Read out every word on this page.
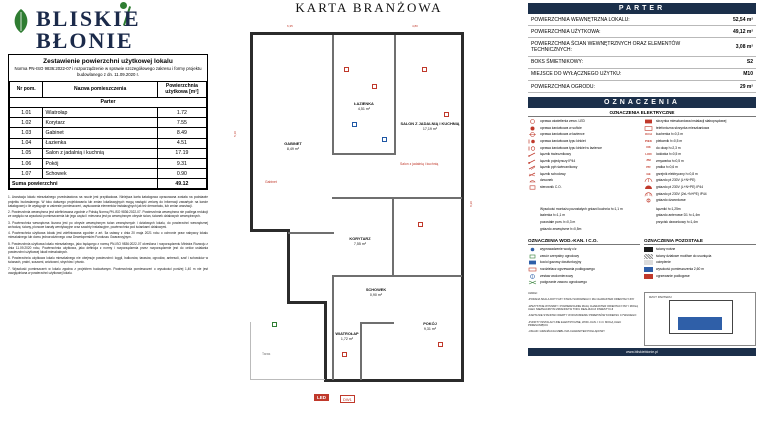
BLISKIE
BŁONIE
Zestawienie powierzchni użytkowej lokalu
Norma PN-ISO 9836:2022-07 i rozporządzenie w sprawie szczegółowego zakresu i formy projektu budowlanego z dn. 11.09.2020 r.
Nr pom.	Nazwa pomieszczenia	Powierzchnia użytkowa [m²]
Parter		
1.01	Wiatrołap	1.72
1.02	Korytarz	7.55
1.03	Gabinet	8.49
1.04	Łazienka	4.51
1.05	Salon z jadalnią i kuchnią	17.19
1.06	Pokój	9.31
1.07	Schowek	0.90
Suma powierzchni		49.12

1. Aranżacja lokalu mieszkalnego przedstawiona na rzucie jest przykładowa. Niniejsza karta katalogowa opracowana została na podstawie projektu budowlanego. W toku dalszego projektowania lub zmian lokalizacyjnych mogą nastąpić zmiany do informacji zawartych na karcie katalogowej o ile występuje w zakresie pomieszczeń, usytuowania elementów instalacyjnych jak też demontażu, lub zmian aranżacji.

2. Powierzchnia wewnętrzna jest zdefiniowana zgodnie z Polską Normą PN-ISO 9836:2022-07. Powierzchnia wewnętrzna nie podlega redukcji ze względu na wysokość pomieszczenia lub jego części i mierzona jest po wewnętrznym obrysie ścian, ścianek działowych wewnętrznych.

3. Powierzchnia wewnętrzna liczona jest po obrysie wewnętrznym ścian zewnętrznych i działowych lokalu, do powierzchni wewnętrznej wchodzą: ściany, pionowe kanały wentylacyjne oraz szachty instalacyjne, powierzchnia pod ściankami działowymi.

4. Powierzchnia użytkowa lokalu jest zdefiniowana zgodnie z art. 5a ustawy z dnia 20 maja 2021 roku o ochronie praw nabywcy lokalu mieszkalnego lub domu jednorodzinnego oraz Deweloperskim Funduszu Gwarancyjnym.

5. Powierzchnia użytkowa lokalu mieszkalnego, jako będącego z normą PN-ISO 9836:2022-07 określona i rozporządzeniu Ministra Rozwoju z dnia 11.09.2020 roku, Powierzchnia użytkowa, jako definicja z normy i rozporządzenia przez rozporządzenie jest do celów ustalania powierzchni użytkowej lokali mieszkalnych.

6. Powierzchnia użytkowa lokalu mieszkalnego nie obejmuje powierzchni: loggii, balkonów, tarasów, ogrodów, antresoli, szaf i schowków w ścianach, pralni, suszarni, wózkowni, strychów i piwnic.

7. Wysokość pomieszczeń w lokalu zgodna z projektem budowlanym. Powierzchnia pomieszczeń o wysokości poniżej 1,40 m nie jest uwzględniana w powierzchni użytkowej lokalu.

KARTA BRANŻOWA
WIATROŁAP
1,72 m²
KORYTARZ
7,55 m²
GABINET
8,49 m²
ŁAZIENKA
4,51 m²
SALON Z JADALNIĄ I KUCHNIĄ
17,19 m²
POKÓJ
9,31 m²
SCHOWEK
0,90 m²
Salon z jadalnią i kuchnią
Gabinet
Taras
6,35	4,80
5,10
8,20
LED	DW1
PARTER
POWIERZCHNIA WEWNĘTRZNA LOKALU:	52,54 m²
POWIERZCHNIA UŻYTKOWA:	49,12 m²
POWIERZCHNIA ŚCIAN WEWNĘTRZNYCH ORAZ ELEMENTÓW TECHNICZNYCH:	3,08 m²
BOKS ŚMIETNIKOWY:	S2
MIEJSCE DO WYŁĄCZNEGO UŻYTKU:	M10
POWIERZCHNIA OGRODU:	29 m²
OZNACZENIA
OZNACZENIA ELEKTRYCZNE
oprawa oświetlenia zewn. LED
oprawa żarówkowa w suficie
oprawa żarówkowa w łazience
oprawa żarówkowa typu kinkiet
oprawa żarówkowa typu kinkiet w łazience
łącznik świecznikowy
łącznik pojedynczy IP44
łącznik pph świecznikowy
łącznik schodowy
dzwonek
sterownik C.O.
skrzynka mieszkaniowa instalacji słaboprądowej
telefoniczna skrzynka mieszkaniowa
KCH kuchenka h=0,3 m
PIEK piekarnik h=0,5 m
OK do okap h=2,3 m
LOD lodówka h=0,5 m
ZM zmywarka h=0,5 m
PR pralka h=0,6 m
GE grzejnik elektryczny h=0,8 m
gniazdo pt 230V (L+N+PE)
gniazdo pt 230V (L+N+PE) IP44
gniazdo pt 230V (2xL+N+PE) IP44
gniazdo dzwonkowe
Wysokość montażu pozostałych gniazd kuchnia h=1,1 m
łazienka h=1,1 m
pozostałe pom. h=0,3 m
gniazdo zewnętrzne h=0,5m
łączniki h=1,25m
gniazdo antenowe D1 h=1,4m
przycisk dzwonkowy h=1,4m
OZNACZENIA WOD.-KAN. I C.O.
wyprowadzenie wody c/z
zawór czerpalny ogrodowy
kociol gazowy dwufunkcyjny
rozdzielacz ogrzewania podłogowego
zestaw wodomierzowy
podgrzanie zaworu ogrodowego
OZNACZENIA POZOSTAŁE
ściany nośne
ściany działowe możliwe do usunięcia
ocieplenie
wysokość pomieszczenia 2,60 m
ogrzewanie podłogowe
UWAGI:
-PODANA SKALA DOTYCZY STANU SUROWEGO I MA CHARAKTER ORIENTACYJNY
-WSZYSTKIE WYMIARY I POWIERZCHNIE MAJĄ CHARAKTER ORIENTACYJNY I MOGĄ ULEC NIEZNACZNYM ZMIANOM W TOKU REALIZACJI INWESTYCJI
-KARTA NIE STANOWI OFERTY W ROZUMIENIU PRZEPISÓW KODEKSU CYWILNEGO
-PUNKTY INSTALACYJNE ELEKTRYCZNE, WOD.-KAN. I C.O. MOGĄ ULEC PRZESUNIĘCIU
-UKŁAD I ARANŻACJA MEBLI MA CHARAKTER POGLĄDOWY
RZUT PARTERU
www.bliskieblonie.pl
